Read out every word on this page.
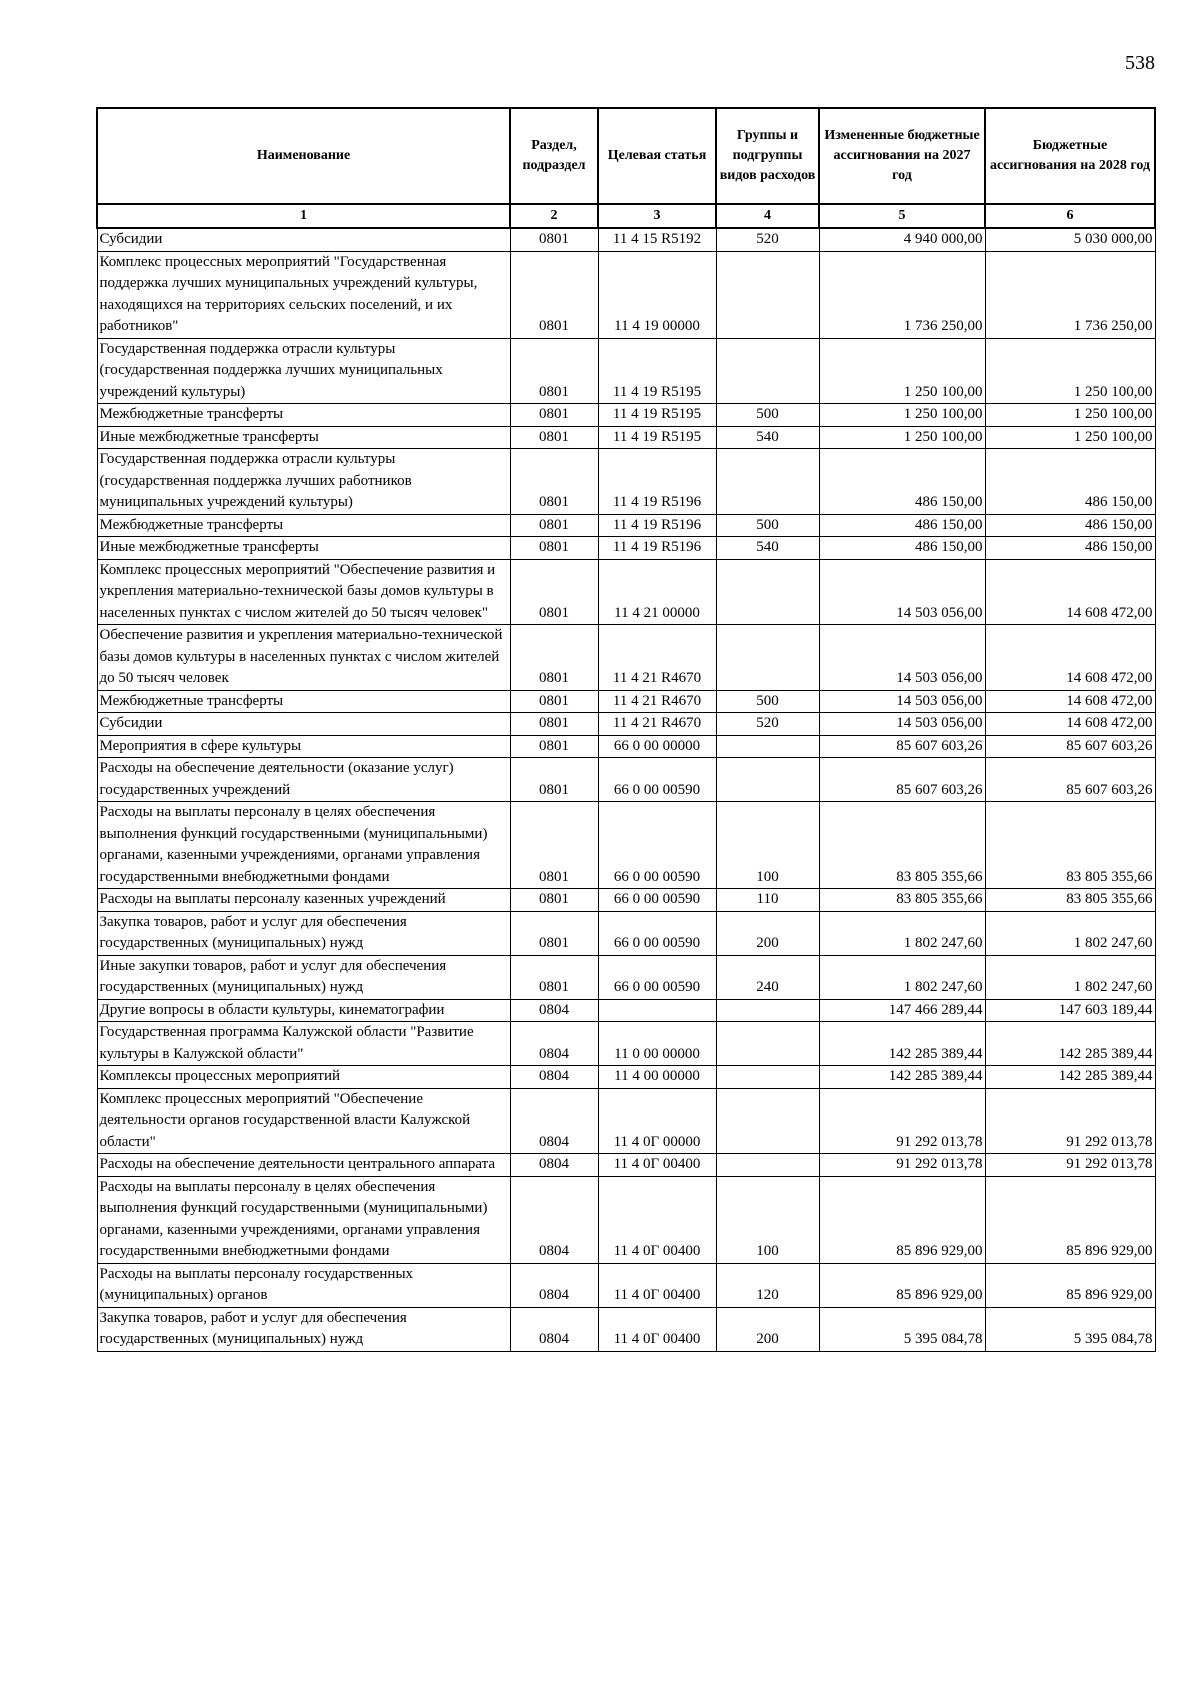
538
Наименование	Раздел, подраздел	Целевая статья	Группы и подгруппы видов расходов	Измененные бюджетные ассигнования на 2027 год	Бюджетные ассигнования на 2028 год
1	2	3	4	5	6
Субсидии	0801	11 4 15 R5192	520	4 940 000,00	5 030 000,00
Комплекс процессных мероприятий "Государственная поддержка лучших муниципальных учреждений культуры, находящихся на территориях сельских поселений, и их работников"	0801	11 4 19 00000		1 736 250,00	1 736 250,00
Государственная поддержка отрасли культуры (государственная поддержка лучших муниципальных учреждений культуры)	0801	11 4 19 R5195		1 250 100,00	1 250 100,00
Межбюджетные трансферты	0801	11 4 19 R5195	500	1 250 100,00	1 250 100,00
Иные межбюджетные трансферты	0801	11 4 19 R5195	540	1 250 100,00	1 250 100,00
Государственная поддержка отрасли культуры (государственная поддержка лучших работников муниципальных учреждений культуры)	0801	11 4 19 R5196		486 150,00	486 150,00
Межбюджетные трансферты	0801	11 4 19 R5196	500	486 150,00	486 150,00
Иные межбюджетные трансферты	0801	11 4 19 R5196	540	486 150,00	486 150,00
Комплекс процессных мероприятий "Обеспечение развития и укрепления материально-технической базы домов культуры в населенных пунктах с числом жителей до 50 тысяч человек"	0801	11 4 21 00000		14 503 056,00	14 608 472,00
Обеспечение развития и укрепления материально-технической базы домов культуры в населенных пунктах с числом жителей до 50 тысяч человек	0801	11 4 21 R4670		14 503 056,00	14 608 472,00
Межбюджетные трансферты	0801	11 4 21 R4670	500	14 503 056,00	14 608 472,00
Субсидии	0801	11 4 21 R4670	520	14 503 056,00	14 608 472,00
Мероприятия в сфере культуры	0801	66 0 00 00000		85 607 603,26	85 607 603,26
Расходы на обеспечение деятельности (оказание услуг) государственных учреждений	0801	66 0 00 00590		85 607 603,26	85 607 603,26
Расходы на выплаты персоналу в целях обеспечения выполнения функций государственными (муниципальными) органами, казенными учреждениями, органами управления государственными внебюджетными фондами	0801	66 0 00 00590	100	83 805 355,66	83 805 355,66
Расходы на выплаты персоналу казенных учреждений	0801	66 0 00 00590	110	83 805 355,66	83 805 355,66
Закупка товаров, работ и услуг для обеспечения государственных (муниципальных) нужд	0801	66 0 00 00590	200	1 802 247,60	1 802 247,60
Иные закупки товаров, работ и услуг для обеспечения государственных (муниципальных) нужд	0801	66 0 00 00590	240	1 802 247,60	1 802 247,60
Другие вопросы в области культуры, кинематографии	0804			147 466 289,44	147 603 189,44
Государственная программа Калужской области "Развитие культуры в Калужской области"	0804	11 0 00 00000		142 285 389,44	142 285 389,44
Комплексы процессных мероприятий	0804	11 4 00 00000		142 285 389,44	142 285 389,44
Комплекс процессных мероприятий "Обеспечение деятельности органов государственной власти Калужской области"	0804	11 4 0Г 00000		91 292 013,78	91 292 013,78
Расходы на обеспечение деятельности центрального аппарата	0804	11 4 0Г 00400		91 292 013,78	91 292 013,78
Расходы на выплаты персоналу в целях обеспечения выполнения функций государственными (муниципальными) органами, казенными учреждениями, органами управления государственными внебюджетными фондами	0804	11 4 0Г 00400	100	85 896 929,00	85 896 929,00
Расходы на выплаты персоналу государственных (муниципальных) органов	0804	11 4 0Г 00400	120	85 896 929,00	85 896 929,00
Закупка товаров, работ и услуг для обеспечения государственных (муниципальных) нужд	0804	11 4 0Г 00400	200	5 395 084,78	5 395 084,78
